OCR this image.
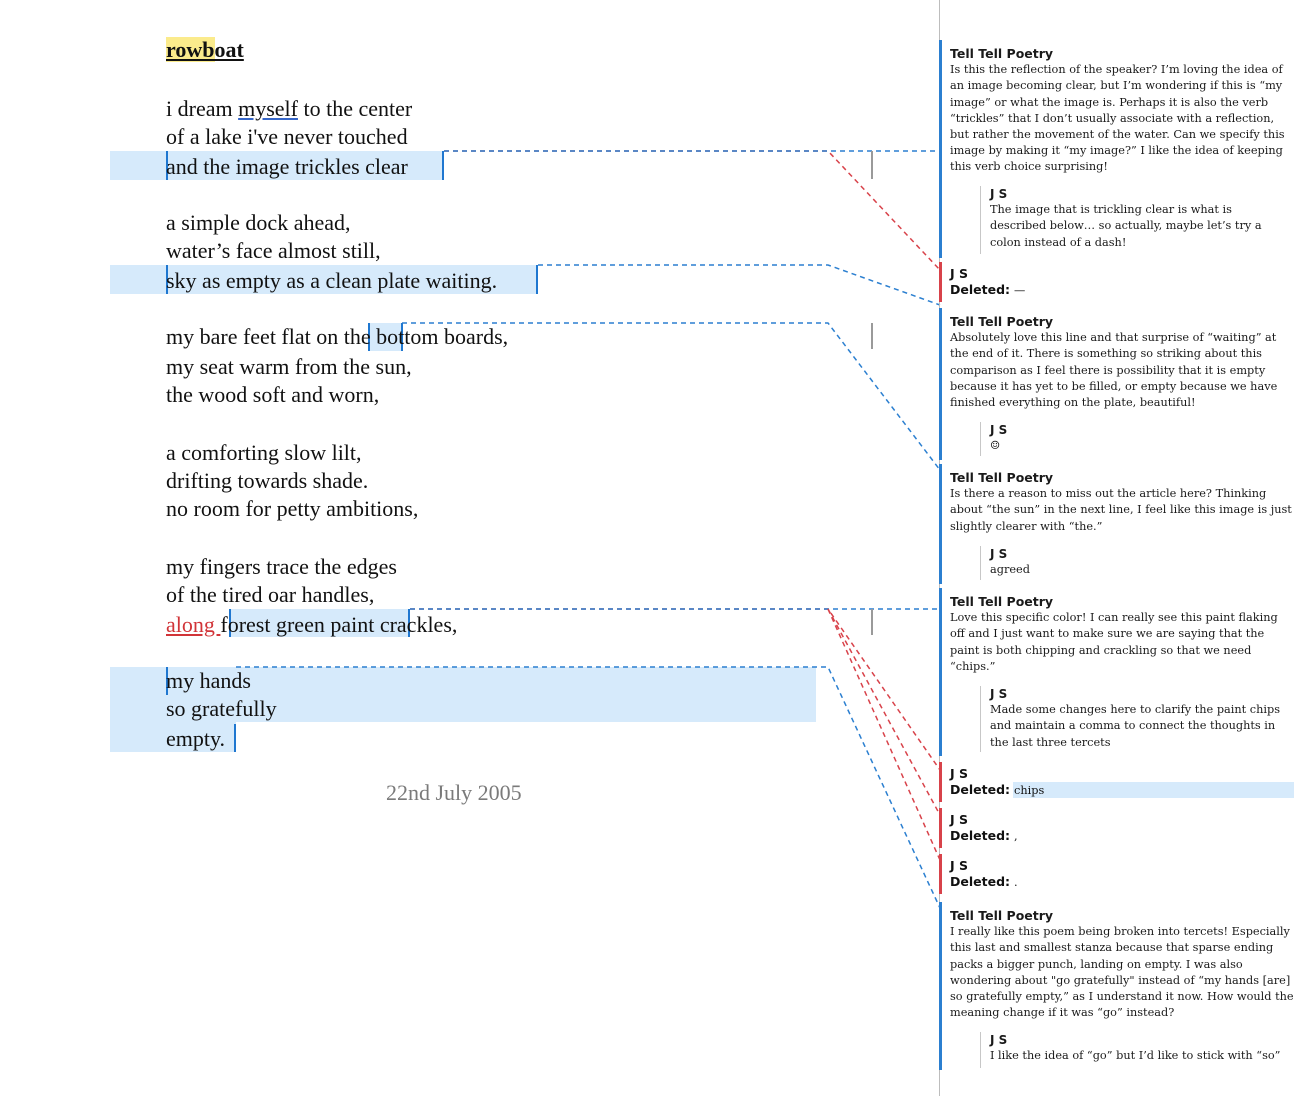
rowboat
i dream myself to the center
of a lake i've never touched
and the image trickles clear
a simple dock ahead,
water’s face almost still,
sky as empty as a clean plate waiting.
my bare feet flat on the bottom boards,
my seat warm from the sun,
the wood soft and worn,
a comforting slow lilt,
drifting towards shade.
no room for petty ambitions,
my fingers trace the edges
of the tired oar handles,
along forest green paint crackles,
my hands
so gratefully
empty.
22nd July 2005
Tell Tell Poetry
Is this the reflection of the speaker? I’m loving the idea of an image becoming clear, but I’m wondering if this is “my image” or what the image is. Perhaps it is also the verb “trickles” that I don’t usually associate with a reflection, but rather the movement of the water. Can we specify this image by making it “my image?” I like the idea of keeping this verb choice surprising!
J S
The image that is trickling clear is what is described below… so actually, maybe let’s try a colon instead of a dash!
J S
Deleted: —
Tell Tell Poetry
Absolutely love this line and that surprise of “waiting” at the end of it. There is something so striking about this comparison as I feel there is possibility that it is empty because it has yet to be filled, or empty because we have finished everything on the plate, beautiful!
J S
☺
Tell Tell Poetry
Is there a reason to miss out the article here? Thinking about “the sun” in the next line, I feel like this image is just slightly clearer with “the.”
J S
agreed
Tell Tell Poetry
Love this specific color! I can really see this paint flaking off and I just want to make sure we are saying that the paint is both chipping and crackling so that we need “chips.”
J S
Made some changes here to clarify the paint chips and maintain a comma to connect the thoughts in the last three tercets
J S
Deleted: chips
J S
Deleted: ,
J S
Deleted: .
Tell Tell Poetry
I really like this poem being broken into tercets! Especially this last and smallest stanza because that sparse ending packs a bigger punch, landing on empty. I was also wondering about "go gratefully" instead of “my hands [are] so gratefully empty,” as I understand it now. How would the meaning change if it was “go” instead?
J S
I like the idea of “go” but I’d like to stick with “so”
